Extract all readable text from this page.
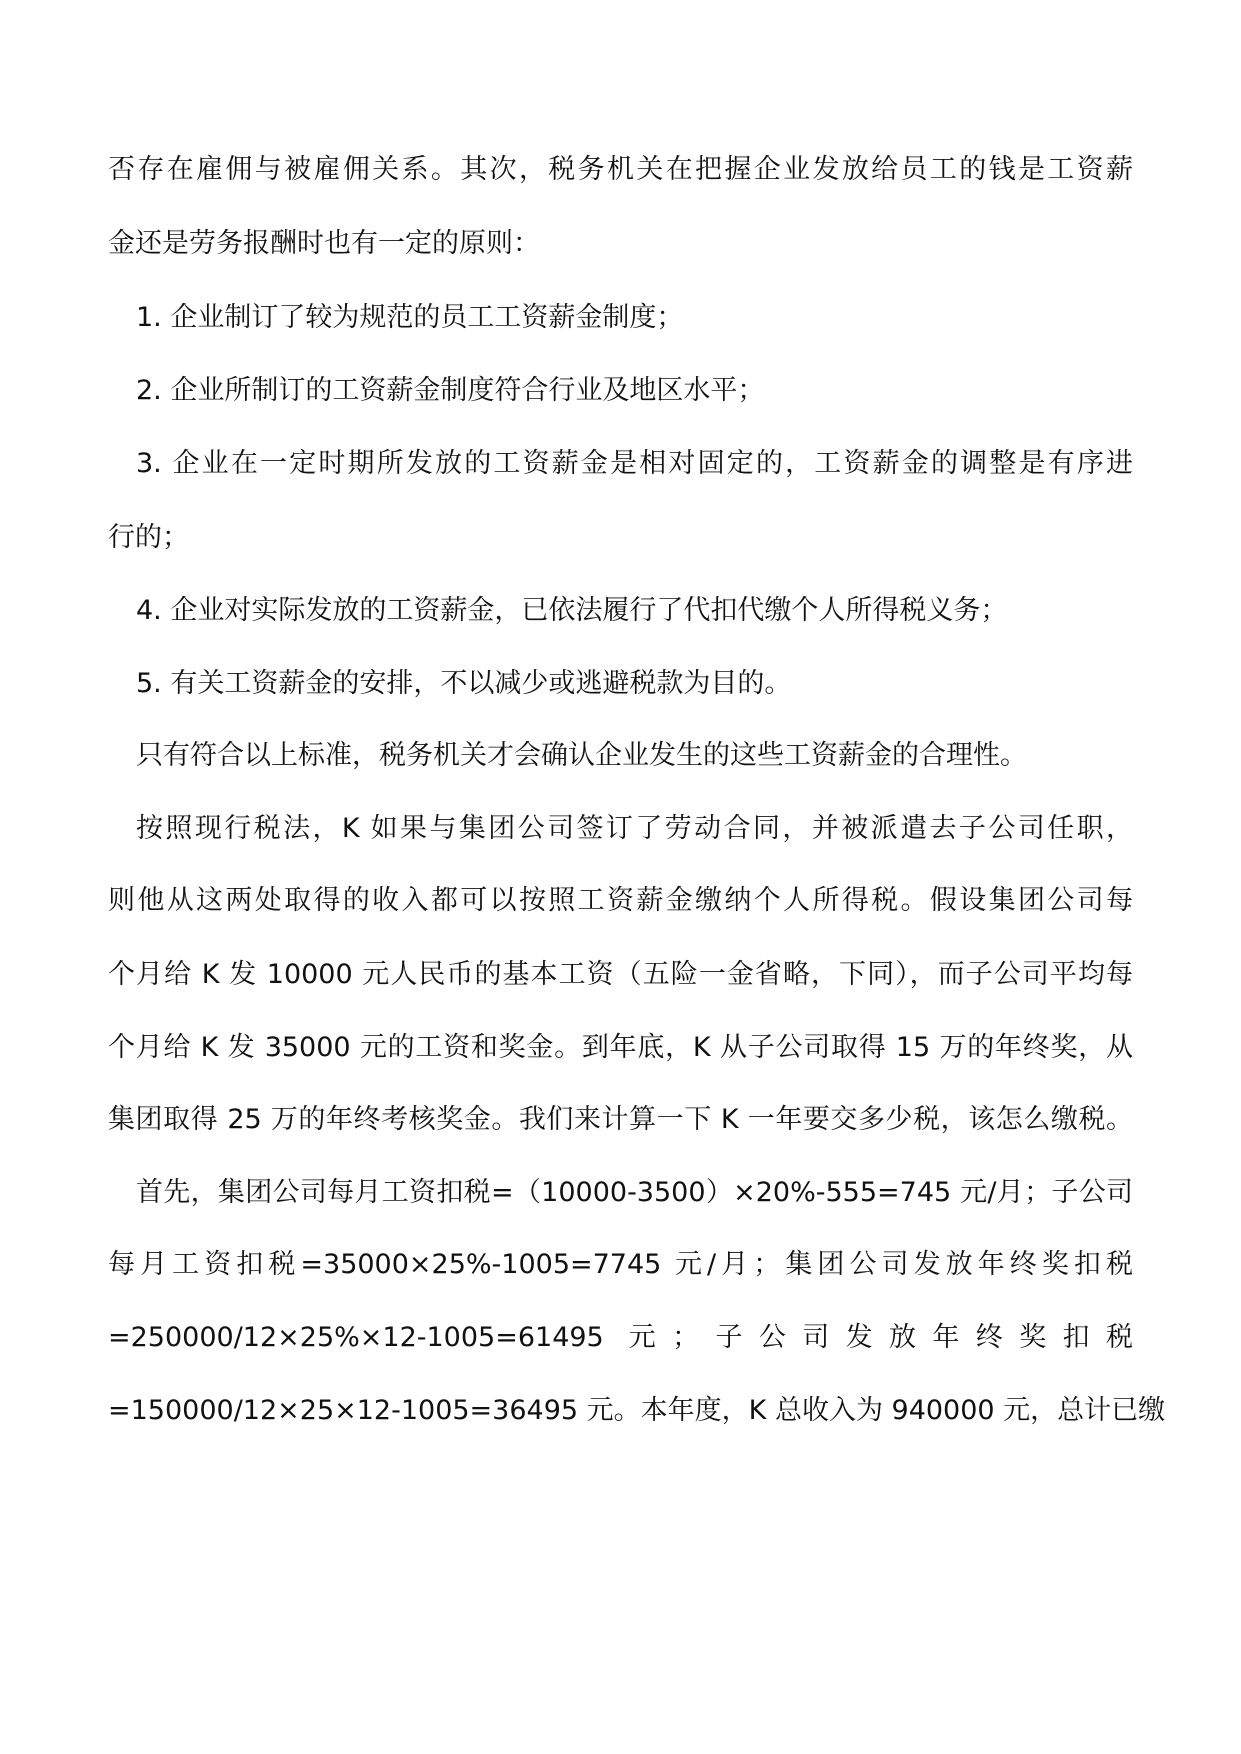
否存在雇佣与被雇佣关系。其次，税务机关在把握企业发放给员工的钱是工资薪

金还是劳务报酬时也有一定的原则：

1. 企业制订了较为规范的员工工资薪金制度；

2. 企业所制订的工资薪金制度符合行业及地区水平；

3. 企业在一定时期所发放的工资薪金是相对固定的，工资薪金的调整是有序进

行的；

4. 企业对实际发放的工资薪金，已依法履行了代扣代缴个人所得税义务；

5. 有关工资薪金的安排，不以减少或逃避税款为目的。

只有符合以上标准，税务机关才会确认企业发生的这些工资薪金的合理性。

按照现行税法，K 如果与集团公司签订了劳动合同，并被派遣去子公司任职，

则他从这两处取得的收入都可以按照工资薪金缴纳个人所得税。假设集团公司每

个月给 K 发 10000 元人民币的基本工资（五险一金省略，下同），而子公司平均每

个月给 K 发 35000 元的工资和奖金。到年底，K 从子公司取得 15 万的年终奖，从

集团取得 25 万的年终考核奖金。我们来计算一下 K 一年要交多少税，该怎么缴税。

首先，集团公司每月工资扣税=（10000-3500）×20%-555=745 元/月；子公司

每月工资扣税=35000×25%-1005=7745 元/月；集团公司发放年终奖扣税

=250000/12×25%×12-1005=61495 元；子公司发放年终奖扣税

=150000/12×25×12-1005=36495 元。本年度，K 总收入为 940000 元，总计已缴
